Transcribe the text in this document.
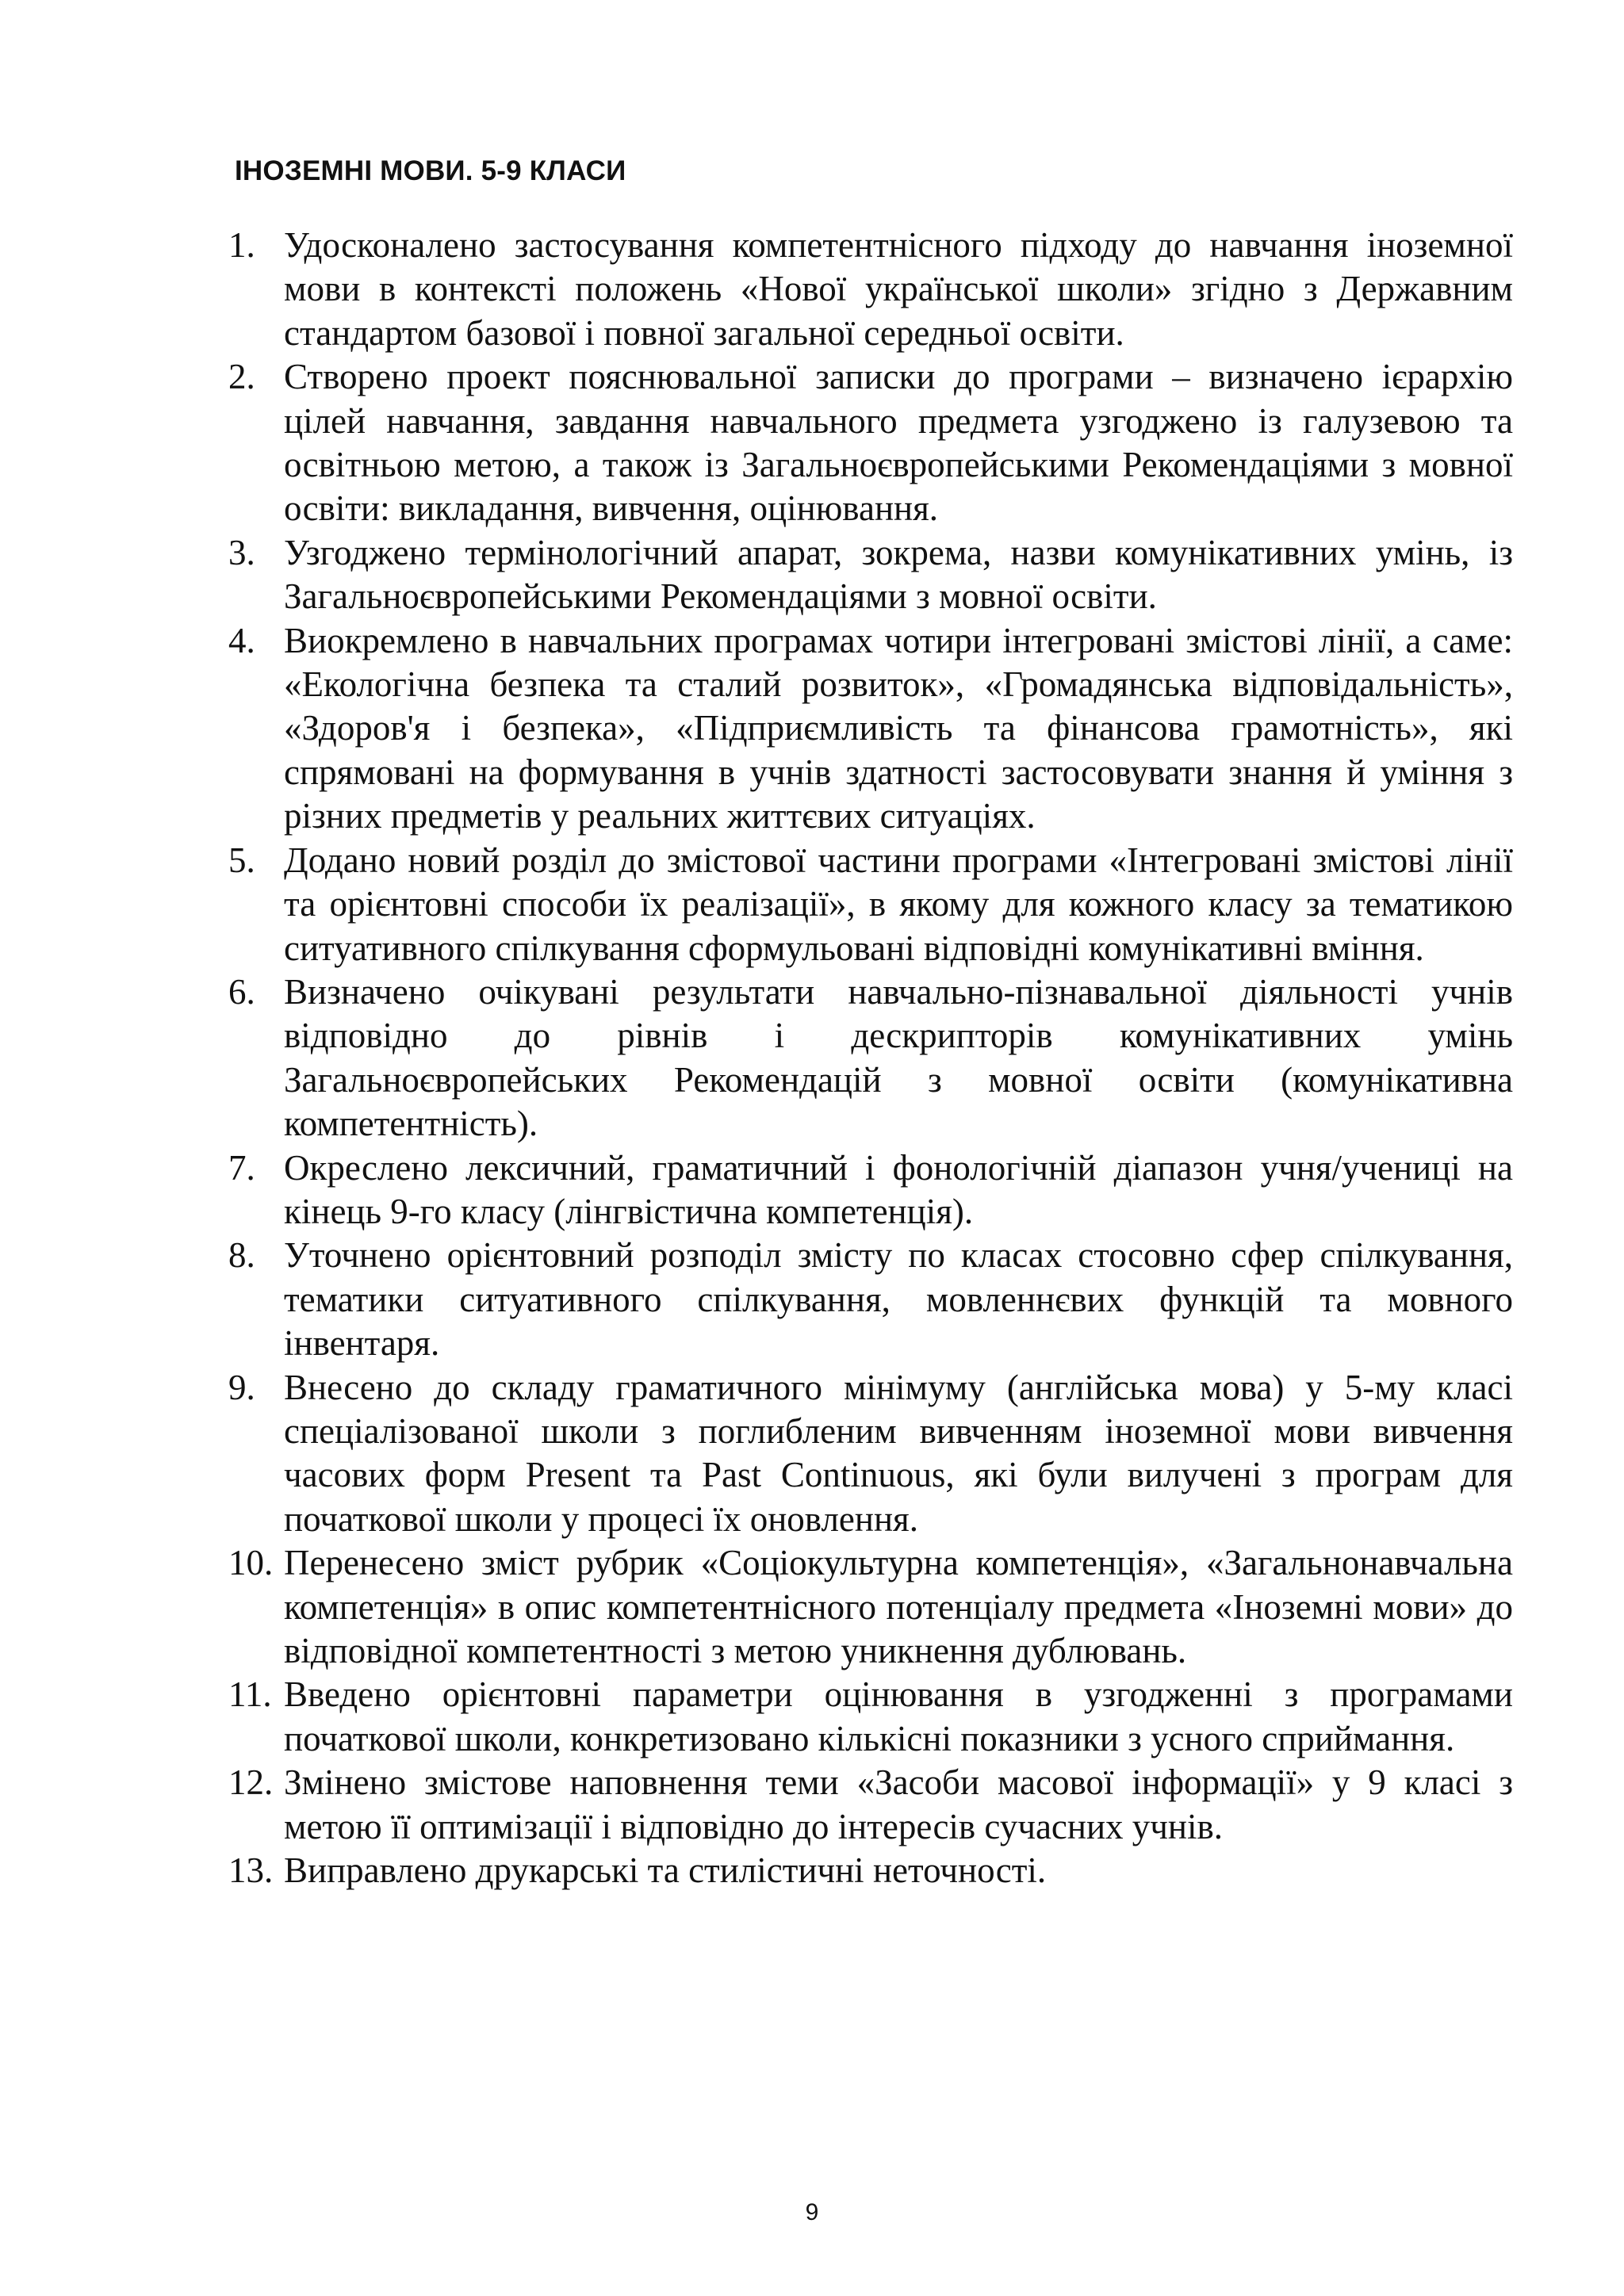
ІНОЗЕМНІ МОВИ. 5-9 КЛАСИ
1. Удосконалено застосування компетентнісного підходу до навчання іноземної мови в контексті положень «Нової української школи» згідно з Державним стандартом базової і повної загальної середньої освіти.
2. Створено проект пояснювальної записки до програми – визначено ієрархію цілей навчання, завдання навчального предмета узгоджено із галузевою та освітньою метою, а також із Загальноєвропейськими Рекомендаціями з мовної освіти: викладання, вивчення, оцінювання.
3. Узгоджено термінологічний апарат, зокрема, назви комунікативних умінь, із Загальноєвропейськими Рекомендаціями з мовної освіти.
4. Виокремлено в навчальних програмах чотири інтегровані змістові лінії, а саме: «Екологічна безпека та сталий розвиток», «Громадянська відповідальність», «Здоров'я і безпека», «Підприємливість та фінансова грамотність», які спрямовані на формування в учнів здатності застосовувати знання й уміння з різних предметів у реальних життєвих ситуаціях.
5. Додано новий розділ до змістової частини програми «Інтегровані змістові лінії та орієнтовні способи їх реалізації», в якому для кожного класу за тематикою ситуативного спілкування сформульовані відповідні комунікативні вміння.
6. Визначено очікувані результати навчально-пізнавальної діяльності учнів відповідно до рівнів і дескрипторів комунікативних умінь Загальноєвропейських Рекомендацій з мовної освіти (комунікативна компетентність).
7. Окреслено лексичний, граматичний і фонологічній діапазон учня/учениці на кінець 9-го класу (лінгвістична компетенція).
8. Уточнено орієнтовний розподіл змісту по класах стосовно сфер спілкування, тематики ситуативного спілкування, мовленнєвих функцій та мовного інвентаря.
9. Внесено до складу граматичного мінімуму (англійська мова) у 5-му класі спеціалізованої школи з поглибленим вивченням іноземної мови вивчення часових форм Present та Past Continuous, які були вилучені з програм для початкової школи у процесі їх оновлення.
10. Перенесено зміст рубрик «Соціокультурна компетенція», «Загальнонавчальна компетенція» в опис компетентнісного потенціалу предмета «Іноземні мови» до відповідної компетентності з метою уникнення дублювань.
11. Введено орієнтовні параметри оцінювання в узгодженні з програмами початкової школи, конкретизовано кількісні показники з усного сприймання.
12. Змінено змістове наповнення теми «Засоби масової інформації» у 9 класі з метою її оптимізації і відповідно до інтересів сучасних учнів.
13. Виправлено друкарські та стилістичні неточності.
9
